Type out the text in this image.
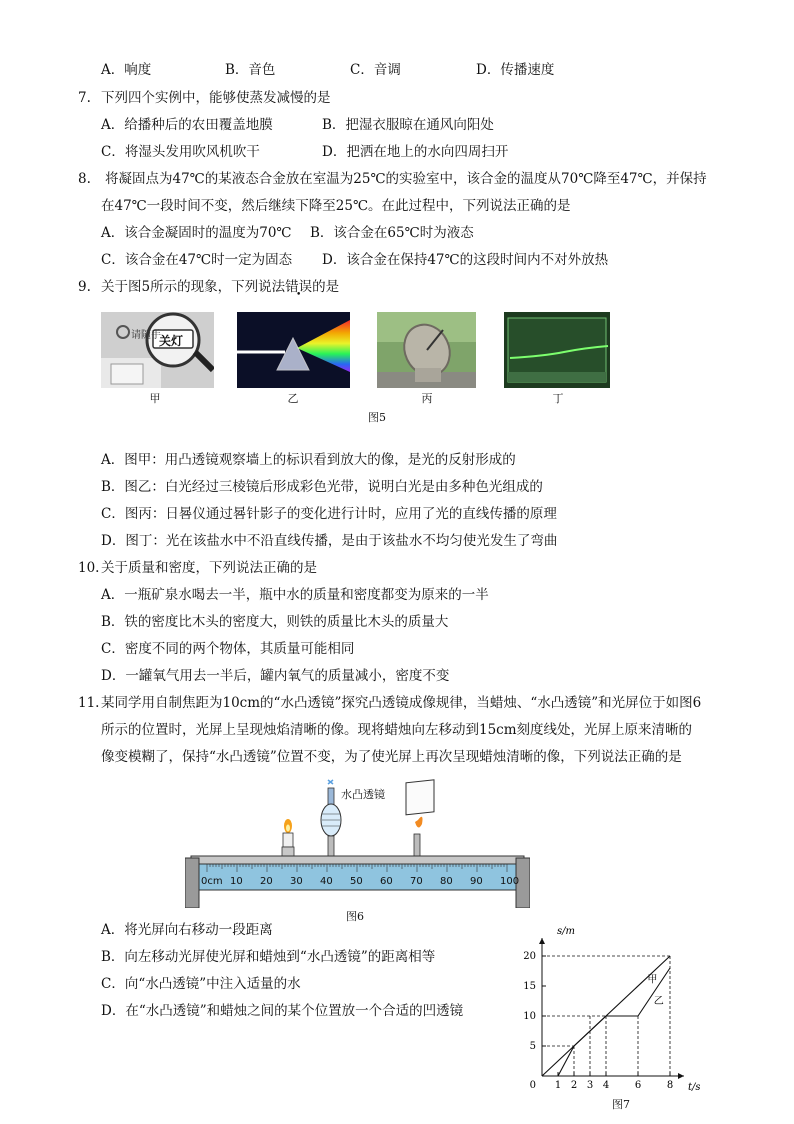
A．响度	B．音色	C．音调	D．传播速度
7. 下列四个实例中，能够使蒸发减慢的是
A．给播种后的农田覆盖地膜	B．把湿衣服晾在通风向阳处
C．将湿头发用吹风机吹干	D．把洒在地上的水向四周扫开
8. 将凝固点为47℃的某液态合金放在室温为25℃的实验室中，该合金的温度从70℃降至47℃，并保持
在47℃一段时间不变，然后继续下降至25℃。在此过程中，下列说法正确的是
A．该合金凝固时的温度为70℃ B．该合金在65℃时为液态
C．该合金在47℃时一定为固态 D．该合金在保持47℃的这段时间内不对外放热
9. 关于图5所示的现象，下列说法错误的是
请随手
关灯
甲	乙	丙	丁
图5
A．图甲：用凸透镜观察墙上的标识看到放大的像，是光的反射形成的
B．图乙：白光经过三棱镜后形成彩色光带，说明白光是由多种色光组成的
C．图丙：日晷仪通过晷针影子的变化进行计时，应用了光的直线传播的原理
D．图丁：光在该盐水中不沿直线传播，是由于该盐水不均匀使光发生了弯曲
10. 关于质量和密度，下列说法正确的是
A．一瓶矿泉水喝去一半，瓶中水的质量和密度都变为原来的一半
B．铁的密度比木头的密度大，则铁的质量比木头的质量大
C．密度不同的两个物体，其质量可能相同
D．一罐氧气用去一半后，罐内氧气的质量减小，密度不变
11. 某同学用自制焦距为10cm的“水凸透镜”探究凸透镜成像规律，当蜡烛、“水凸透镜”和光屏位于如图6
所示的位置时，光屏上呈现烛焰清晰的像。现将蜡烛向左移动到15cm刻度线处，光屏上原来清晰的
像变模糊了，保持“水凸透镜”位置不变，为了使光屏上再次呈现蜡烛清晰的像，下列说法正确的是
水凸透镜
0cm 10 20 30 40 50 60 70 80 90 100
图6
A．将光屏向右移动一段距离
B．向左移动光屏使光屏和蜡烛到“水凸透镜”的距离相等
C．向“水凸透镜”中注入适量的水
D．在“水凸透镜”和蜡烛之间的某个位置放一个合适的凹透镜
s/m
t/s
0
5
10
15
20
1 2 3 4	6	8
甲
乙
图7
